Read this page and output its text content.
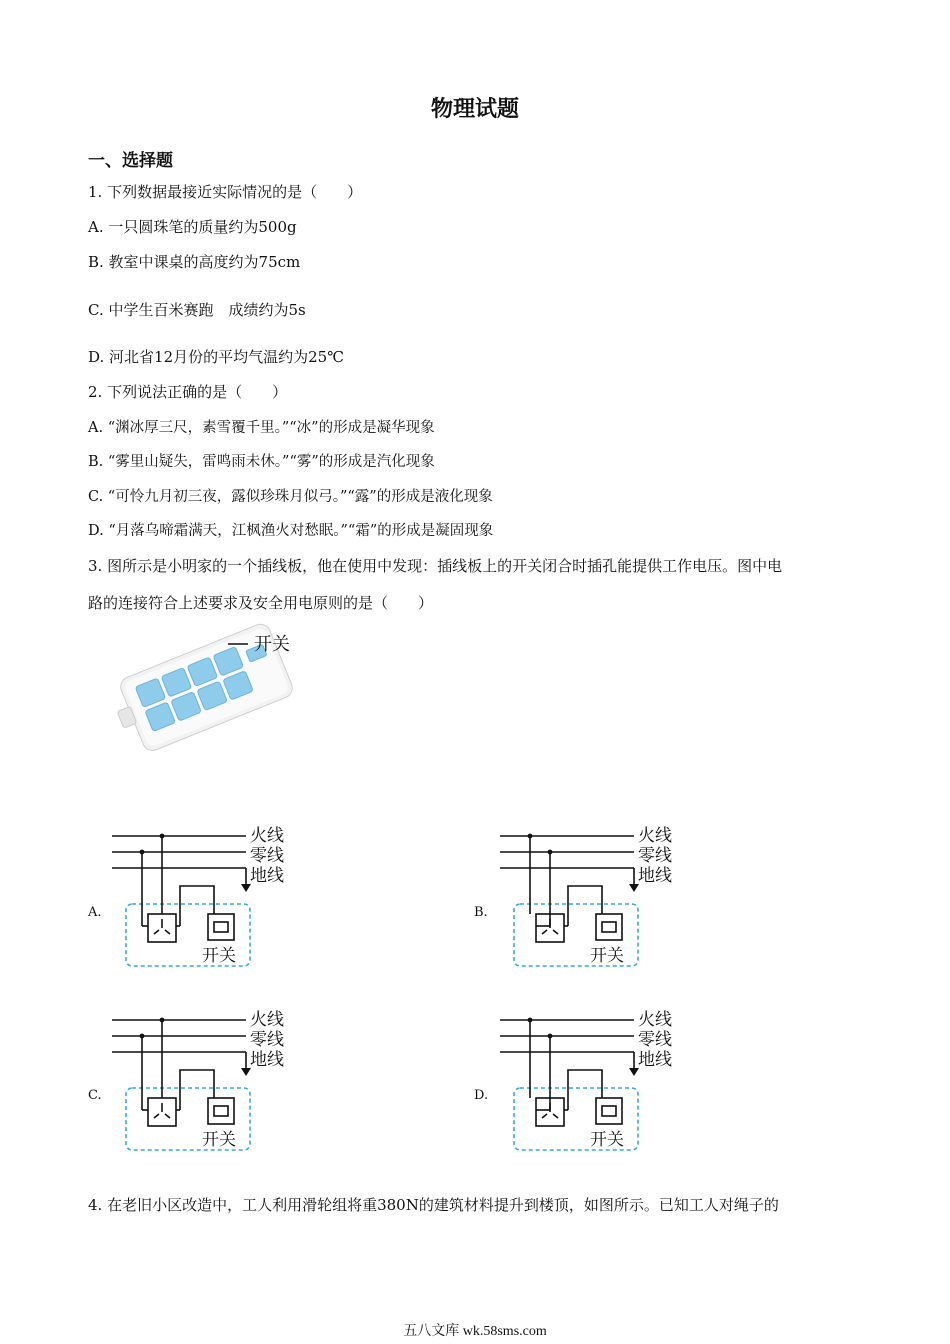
物理试题
一、选择题
1. 下列数据最接近实际情况的是（　　）
A. 一只圆珠笔的质量约为500g
B. 教室中课桌的高度约为75cm
C. 中学生百米赛跑　成绩约为5s
D. 河北省12月份的平均气温约为25℃
2. 下列说法正确的是（　　）
A. “渊冰厚三尺，素雪覆千里。”“冰”的形成是凝华现象
B. “雾里山疑失，雷鸣雨未休。”“雾”的形成是汽化现象
C. “可怜九月初三夜，露似珍珠月似弓。”“露”的形成是液化现象
D. “月落乌啼霜满天，江枫渔火对愁眠。”“霜”的形成是凝固现象
3. 图所示是小明家的一个插线板，他在使用中发现：插线板上的开关闭合时插孔能提供工作电压。图中电
路的连接符合上述要求及安全用电原则的是（　　）
开关
A.	B.
C.	D.
火线
零线
地线
开关
火线
零线
地线
开关
火线
零线
地线
开关
火线
零线
地线
开关
4. 在老旧小区改造中，工人利用滑轮组将重380N的建筑材料提升到楼顶，如图所示。已知工人对绳子的
五八文库 wk.58sms.com
